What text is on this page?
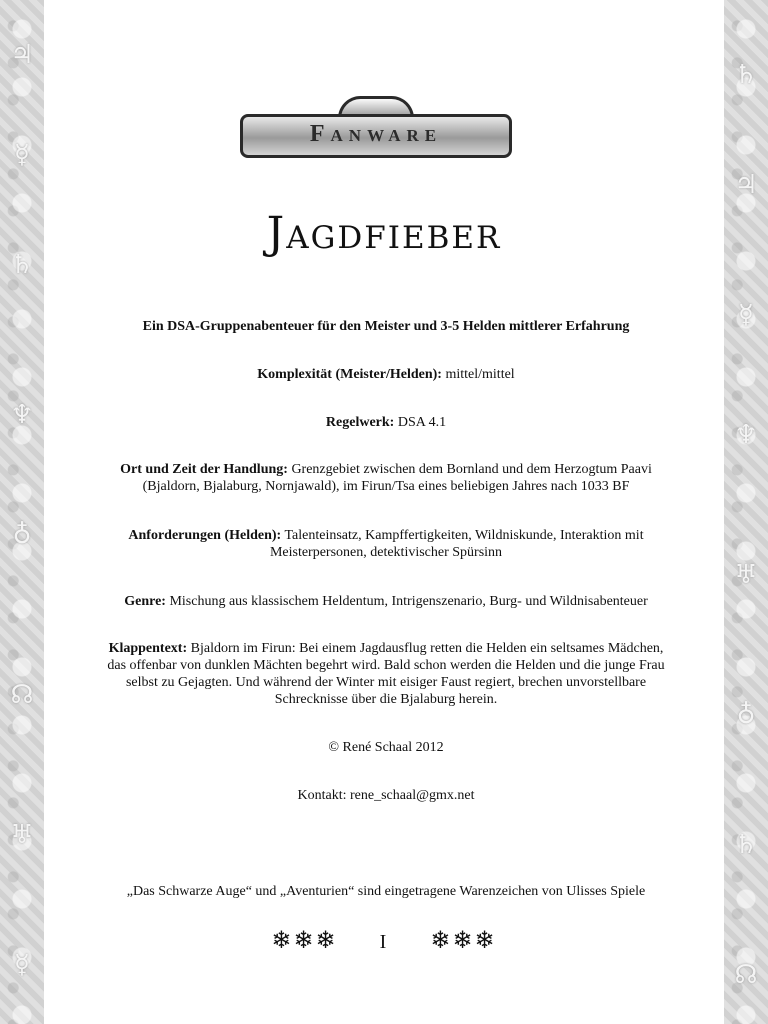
♃
☿
♄
♆
♁
☊
♅
☿
♄
♃
☿
♆
♅
♁
♄
☊
Fanware
Jagdfieber
Ein DSA-Gruppenabenteuer für den Meister und 3-5 Helden mittlerer Erfahrung
Komplexität (Meister/Helden): mittel/mittel
Regelwerk: DSA 4.1
Ort und Zeit der Handlung: Grenzgebiet zwischen dem Bornland und dem Herzogtum Paavi
(Bjaldorn, Bjalaburg, Nornjawald), im Firun/Tsa eines beliebigen Jahres nach 1033 BF
Anforderungen (Helden): Talenteinsatz, Kampffertigkeiten, Wildniskunde, Interaktion mit
Meisterpersonen, detektivischer Spürsinn
Genre: Mischung aus klassischem Heldentum, Intrigenszenario, Burg- und Wildnisabenteuer
Klappentext: Bjaldorn im Firun: Bei einem Jagdausflug retten die Helden ein seltsames Mädchen,
das offenbar von dunklen Mächten begehrt wird. Bald schon werden die Helden und die junge Frau
selbst zu Gejagten. Und während der Winter mit eisiger Faust regiert, brechen unvorstellbare
Schrecknisse über die Bjalaburg herein.
© René Schaal 2012
Kontakt: rene_schaal@gmx.net
„Das Schwarze Auge“ und „Aventurien“ sind eingetragene Warenzeichen von Ulisses Spiele
❄❄❄ I ❄❄❄
